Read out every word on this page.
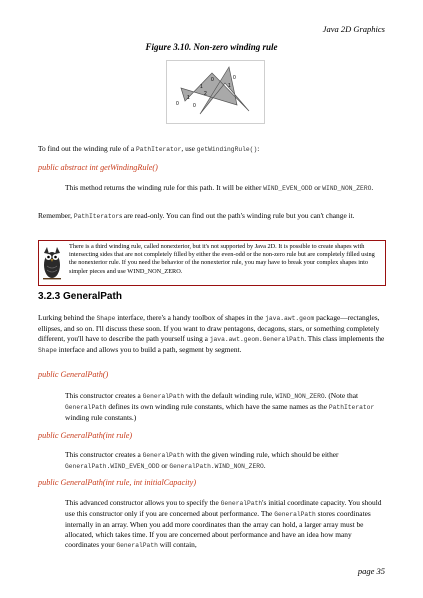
Java 2D Graphics
Figure 3.10. Non-zero winding rule
0
1
2
1
0	0
1
0
To find out the winding rule of a PathIterator, use getWindingRule():
public abstract int getWindingRule()
This method returns the winding rule for this path. It will be either WIND_EVEN_ODD or WIND_NON_ZERO.
Remember, PathIterators are read-only. You can find out the path's winding rule but you can't change it.
There is a third winding rule, called nonexterior, but it's not supported by Java 2D. It is possible to create shapes with intersecting sides that are not completely filled by either the even-odd or the non-zero rule but are completely filled using the nonexterior rule. If you need the behavior of the nonexterior rule, you may have to break your complex shapes into simpler pieces and use WIND_NON_ZERO.
3.2.3 GeneralPath
Lurking behind the Shape interface, there's a handy toolbox of shapes in the java.awt.geom package—rectangles, ellipses, and so on. I'll discuss these soon. If you want to draw pentagons, decagons, stars, or something completely different, you'll have to describe the path yourself using a java.awt.geom.GeneralPath. This class implements the Shape interface and allows you to build a path, segment by segment.
public GeneralPath()
This constructor creates a GeneralPath with the default winding rule, WIND_NON_ZERO. (Note that GeneralPath defines its own winding rule constants, which have the same names as the PathIterator winding rule constants.)
public GeneralPath(int rule)
This constructor creates a GeneralPath with the given winding rule, which should be either GeneralPath.WIND_EVEN_ODD or GeneralPath.WIND_NON_ZERO.
public GeneralPath(int rule, int initialCapacity)
This advanced constructor allows you to specify the GeneralPath's initial coordinate capacity. You should use this constructor only if you are concerned about performance. The GeneralPath stores coordinates internally in an array. When you add more coordinates than the array can hold, a larger array must be allocated, which takes time. If you are concerned about performance and have an idea how many coordinates your GeneralPath will contain,
page 35
